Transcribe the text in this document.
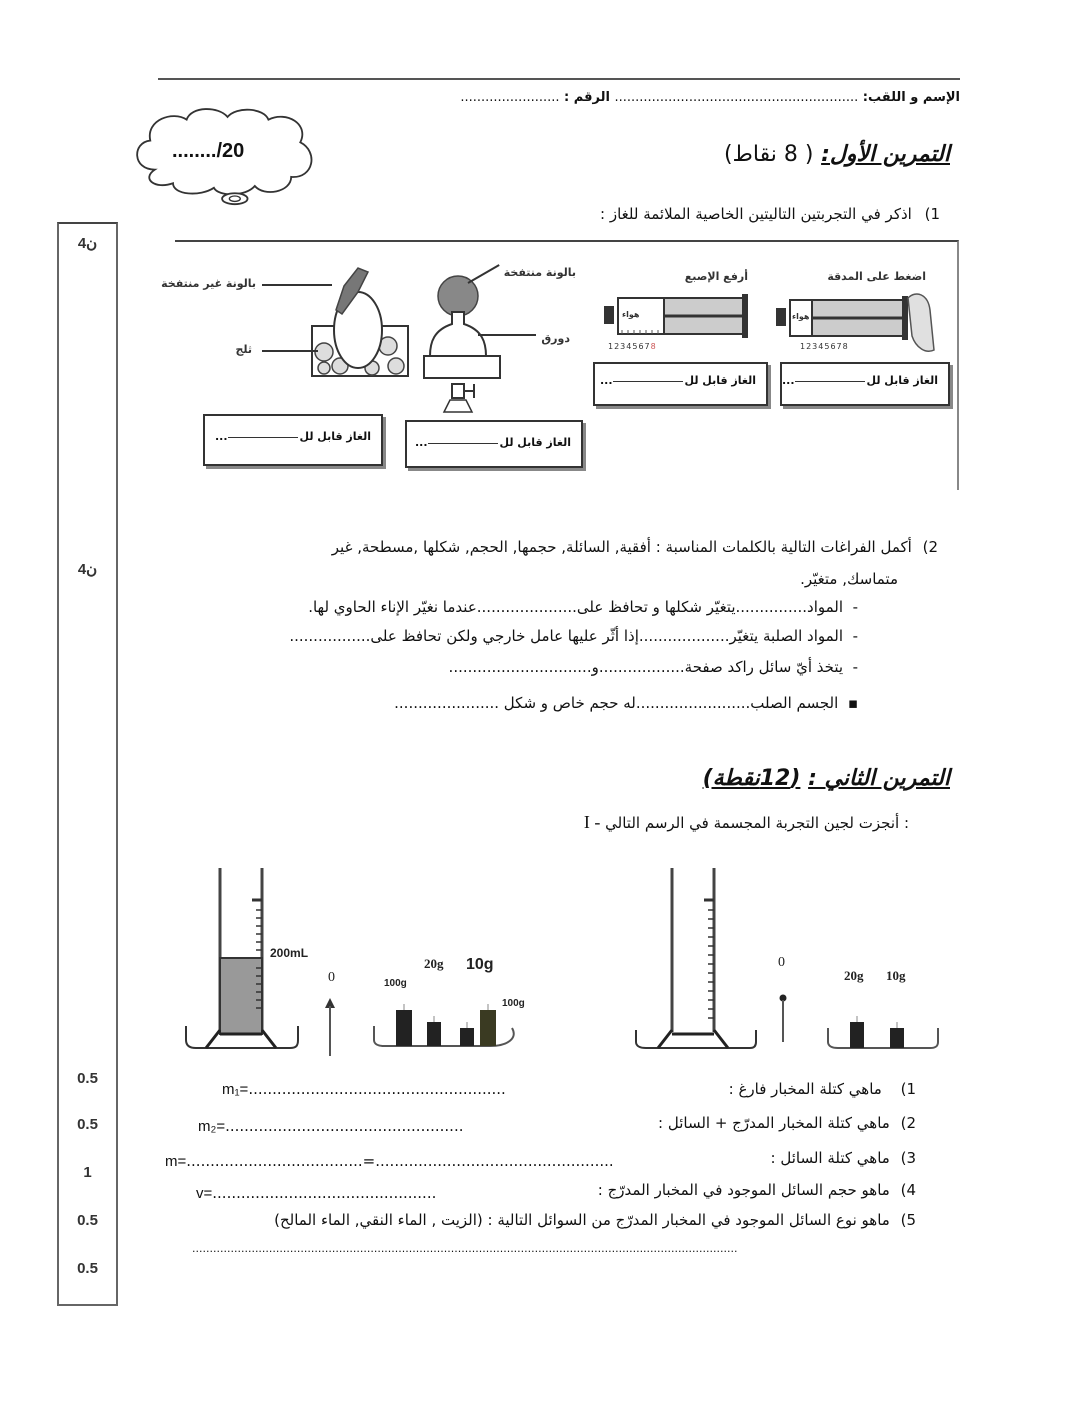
الإسم و اللقب: ........................................................... الرقم : ........................
......../20
4ن
4ن
0.5
0.5
1
0.5
0.5
التمرين الأول: ( 8 نقاط)
1) اذكر في التجربتين التاليتين الخاصية الملائمة للغاز :
بالونة غير منتفخة
ثلج
بالونة منتفخة
دورق
أرفع الإصبع
12345678
هواء
اضغط على المدقة
12345678
هواء
الغاز قابل لل...	الغاز قابل لل...
الغاز قابل لل...	الغاز قابل لل...
2) أكمل الفراغات التالية بالكلمات المناسبة : أفقية, السائلة, حجمها, الحجم, شكلها ,مسطحة, غير
متماسك, متغيّر.
-  المواد...............يتغيّر شكلها و تحافظ على.....................عندما نغيّر الإناء الحاوي لها.
-  المواد الصلبة يتغيّر...................إذا أثّر عليها عامل خارجي ولكن تحافظ على.................
-  يتخذ أيّ سائل راكد صفحة..................و..............................
▪  الجسم الصلب........................له حجم خاص و شكل ......................
التمرين الثاني : (12نقطة)
I - أنجزت لجين التجربة المجسمة في الرسم التالي :
200mL
0	100g
20g 10g
100g
0
20g 10g
1) ماهي كتلة المخبار فارغ :
m₁=......................................................
2) ماهي كتلة المخبار المدرّج + السائل :
m₂=..................................................
3) ماهي كتلة السائل :
m=.....................................=..................................................
4) ماهو حجم السائل الموجود في المخبار المدرّج :
v=...............................................
5) ماهو نوع السائل الموجود في المخبار المدرّج من السوائل التالية : (الزيت , الماء النقي, الماء المالح)
............................................................................................................................................................
